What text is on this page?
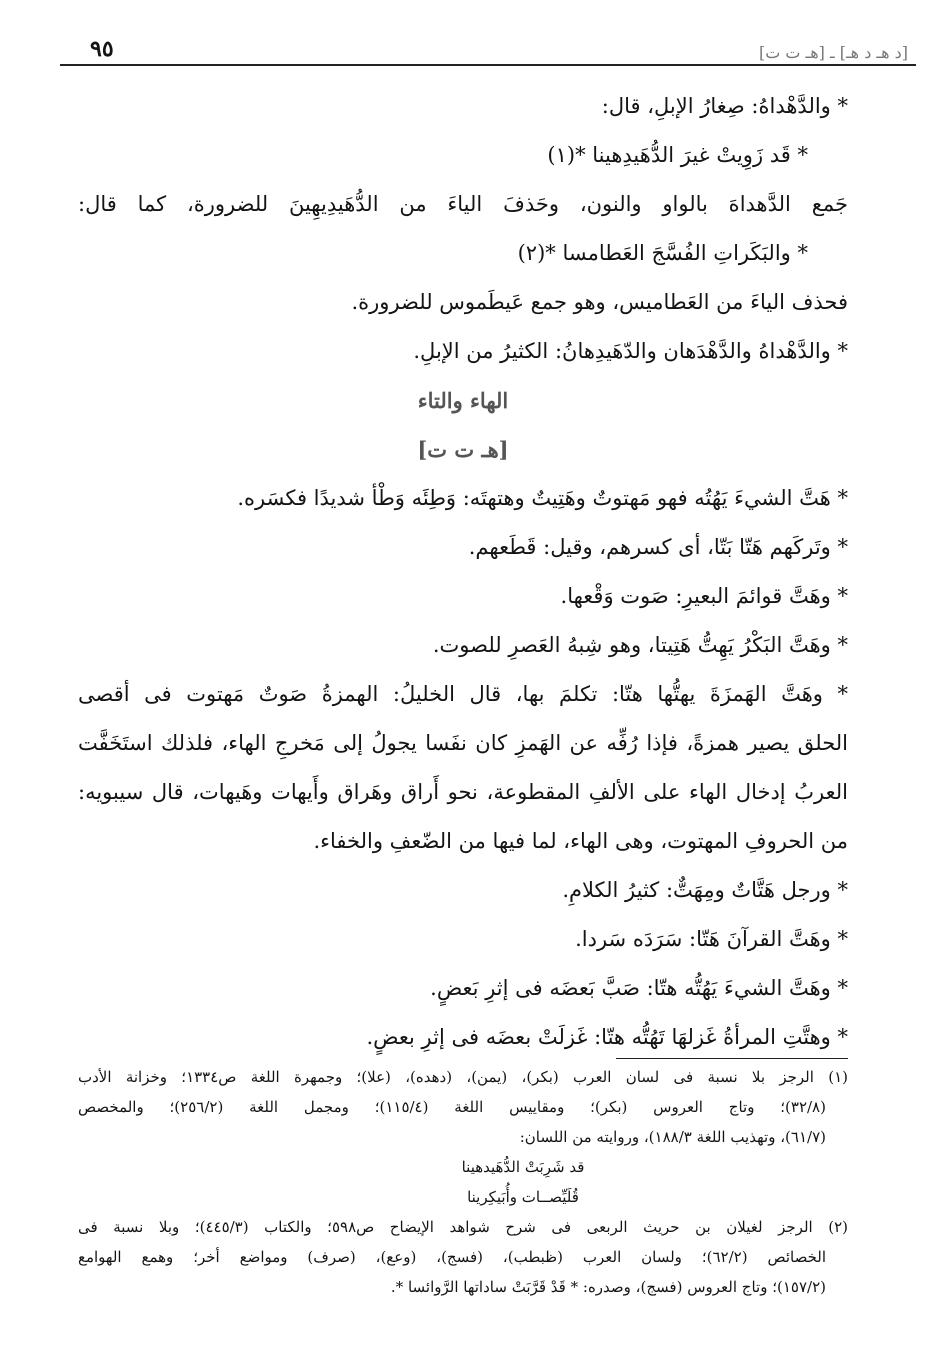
٩٥	[د هـ د هـ] ـ [هـ ت ت]
* والدَّهْداهُ: صِغارُ الإبلِ، قال:
* قَد زَوِيتْ غيرَ الدُّهَيدِهينا *(١)
جَمع الدَّهداهَ بالواو والنون، وحَذفَ الياءَ من الدُّهَيدِيهِينَ للضرورة، كما قال:
* والبَكَراتِ الفُسَّجَ العَطامسا *(٢)
فحذف الياءَ من العَطاميس، وهو جمع عَيطَموس للضرورة.
* والدَّهْداهُ والدَّهْدَهان والدّهَيدِهانُ: الكثيرُ من الإبلِ.
الهاء والتاء
[هـ ت ت]
* هَتَّ الشيءَ يَهُتُه فهو مَهتوتٌ وهَتِيتٌ وهتهتَه: وَطِئَه وَطْأ شديدًا فكسَره.
* وتَركَهم هَتّا بَتّا، أى كسرهم، وقيل: قَطَعهم.
* وهَتَّ قوائمَ البعيرِ: صَوت وَقْعها.
* وهَتَّ البَكْرُ يَهِتُّ هَتِيتا، وهو شِبهُ العَصرِ للصوت.
* وهَتَّ الهَمزَةَ يهتُّها هتّا: تكلمَ بها، قال الخليلُ: الهمزةُ صَوتٌ مَهتوت فى أقصى
الحلق يصير همزةً، فإذا رُفِّه عن الهَمزِ كان نفَسا يجولُ إلى مَخرجِ الهاء، فلذلك استَخَفَّت
العربُ إدخال الهاء على الألفِ المقطوعة، نحو أَراق وهَراق وأَيهات وهَيهات، قال سيبويه:
من الحروفِ المهتوت، وهى الهاء، لما فيها من الضّعفِ والخفاء.
* ورجل هَتَّاتٌ ومِهَتٌّ: كثيرُ الكلامِ.
* وهَتَّ القرآنَ هَتّا: سَرَدَه سَردا.
* وهَتَّ الشيءَ يَهُتُّه هتّا: صَبَّ بَعضَه فى إثرِ بَعضٍ.
* وهتَّتِ المرأةُ غَزلهَا تَهُتُّه هتّا: غَزلَتْ بعضَه فى إثرِ بعضٍ.
(١) الرجز بلا نسبة فى لسان العرب (بكر)، (يمن)، (دهده)، (علا)؛ وجمهرة اللغة ص١٣٣٤؛ وخزانة الأدب
(٣٢/٨)؛ وتاج العروس (بكر)؛ ومقاييس اللغة (١١٥/٤)؛ ومجمل اللغة (٢٥٦/٢)؛ والمخصص
(٦١/٧)، وتهذيب اللغة ١٨٨/٣)، وروايته من اللسان:
قد شَرِبَتْ الدُّهَيدهينا
قُلَيِّصــات وأُبَيكِرينا
(٢) الرجز لغيلان بن حريث الربعى فى شرح شواهد الإيضاح ص٥٩٨؛ والكتاب (٤٤٥/٣)؛ وبلا نسبة فى
الخصائص (٦٢/٢)؛ ولسان العرب (ظبطب)، (فسج)، (وعع)، (صرف) ومواضع أخر؛ وهمع الهوامع
(١٥٧/٢)؛ وتاج العروس (فسج)، وصدره: * قَدْ قَرَّبَتْ ساداتها الرَّوائسا *.
